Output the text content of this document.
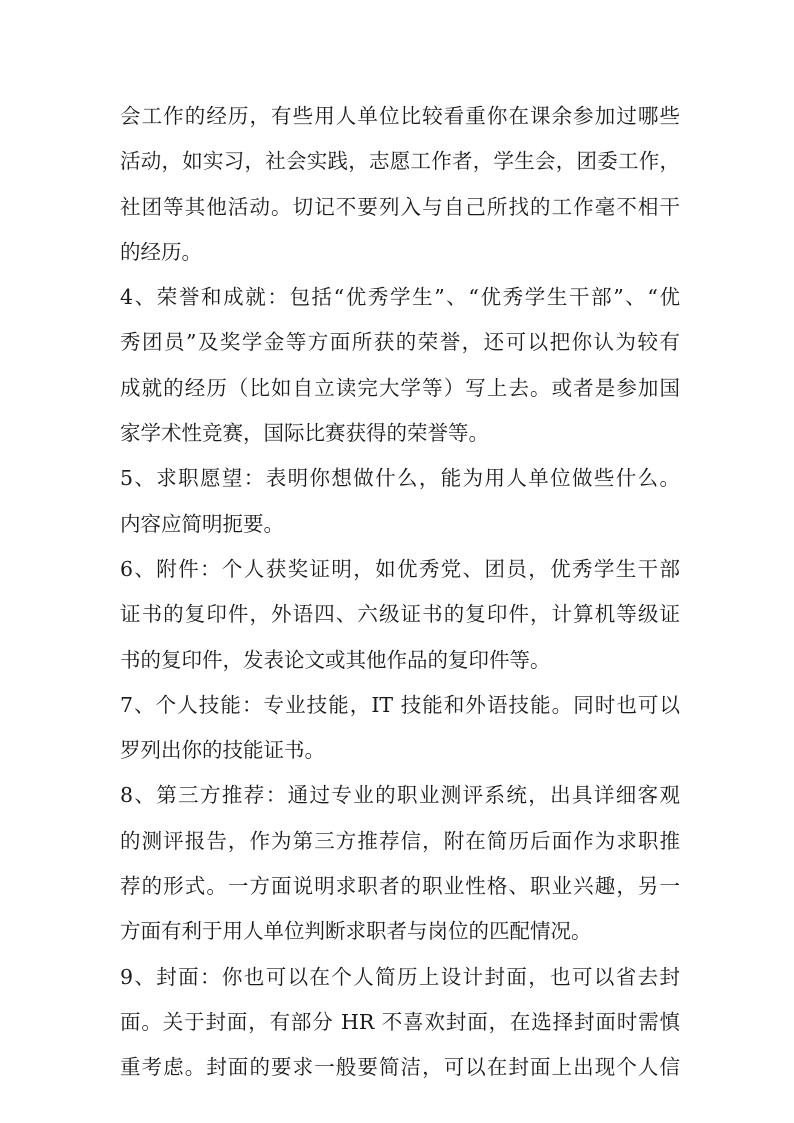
会工作的经历，有些用人单位比较看重你在课余参加过哪些
活动，如实习，社会实践，志愿工作者，学生会，团委工作，
社团等其他活动。切记不要列入与自己所找的工作毫不相干
的经历。
4、荣誉和成就：包括“优秀学生”、“优秀学生干部”、“优
秀团员”及奖学金等方面所获的荣誉，还可以把你认为较有
成就的经历（比如自立读完大学等）写上去。或者是参加国
家学术性竞赛，国际比赛获得的荣誉等。
5、求职愿望：表明你想做什么，能为用人单位做些什么。
内容应简明扼要。
6、附件：个人获奖证明，如优秀党、团员，优秀学生干部
证书的复印件，外语四、六级证书的复印件，计算机等级证
书的复印件，发表论文或其他作品的复印件等。
7、个人技能：专业技能，IT 技能和外语技能。同时也可以
罗列出你的技能证书。
8、第三方推荐：通过专业的职业测评系统，出具详细客观
的测评报告，作为第三方推荐信，附在简历后面作为求职推
荐的形式。一方面说明求职者的职业性格、职业兴趣，另一
方面有利于用人单位判断求职者与岗位的匹配情况。
9、封面：你也可以在个人简历上设计封面，也可以省去封
面。关于封面，有部分 HR 不喜欢封面，在选择封面时需慎
重考虑。封面的要求一般要简洁，可以在封面上出现个人信
